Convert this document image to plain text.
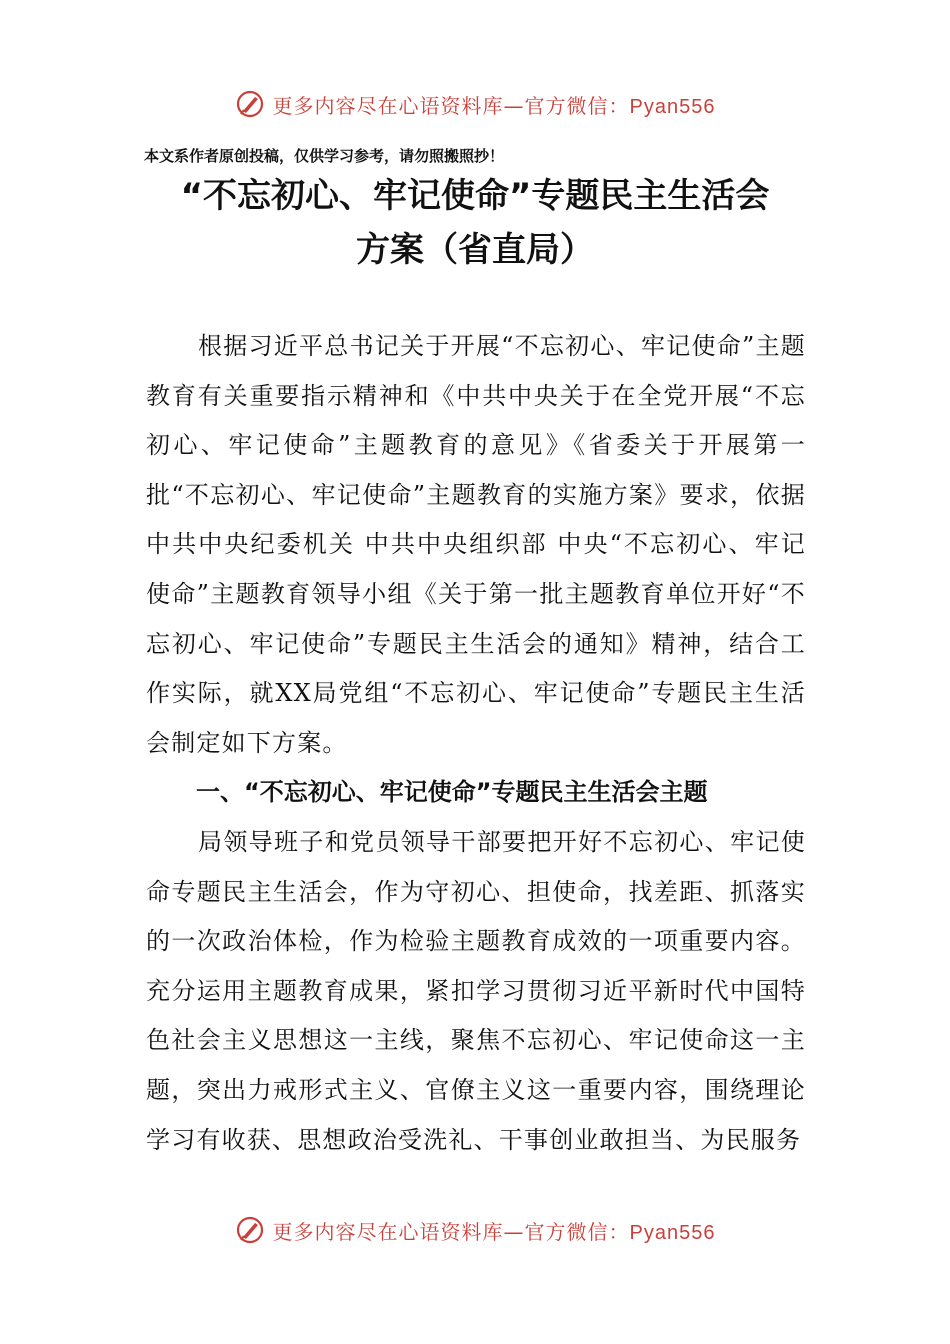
更多内容尽在心语资料库—官方微信：Pyan556
本文系作者原创投稿，仅供学习参考，请勿照搬照抄！
“不忘初心、牢记使命”专题民主生活会
方案（省直局）
根据习近平总书记关于开展“不忘初心、牢记使命”主题教育有关重要指示精神和《中共中央关于在全党开展“不忘初心、牢记使命”主题教育的意见》《省委关于开展第一批“不忘初心、牢记使命”主题教育的实施方案》要求，依据中共中央纪委机关 中共中央组织部 中央“不忘初心、牢记使命”主题教育领导小组《关于第一批主题教育单位开好“不忘初心、牢记使命”专题民主生活会的通知》精神，结合工作实际，就XX局党组“不忘初心、牢记使命”专题民主生活会制定如下方案。
一、“不忘初心、牢记使命”专题民主生活会主题
局领导班子和党员领导干部要把开好不忘初心、牢记使命专题民主生活会，作为守初心、担使命，找差距、抓落实的一次政治体检，作为检验主题教育成效的一项重要内容。充分运用主题教育成果，紧扣学习贯彻习近平新时代中国特色社会主义思想这一主线，聚焦不忘初心、牢记使命这一主题，突出力戒形式主义、官僚主义这一重要内容，围绕理论学习有收获、思想政治受洗礼、干事创业敢担当、为民服务
更多内容尽在心语资料库—官方微信：Pyan556
